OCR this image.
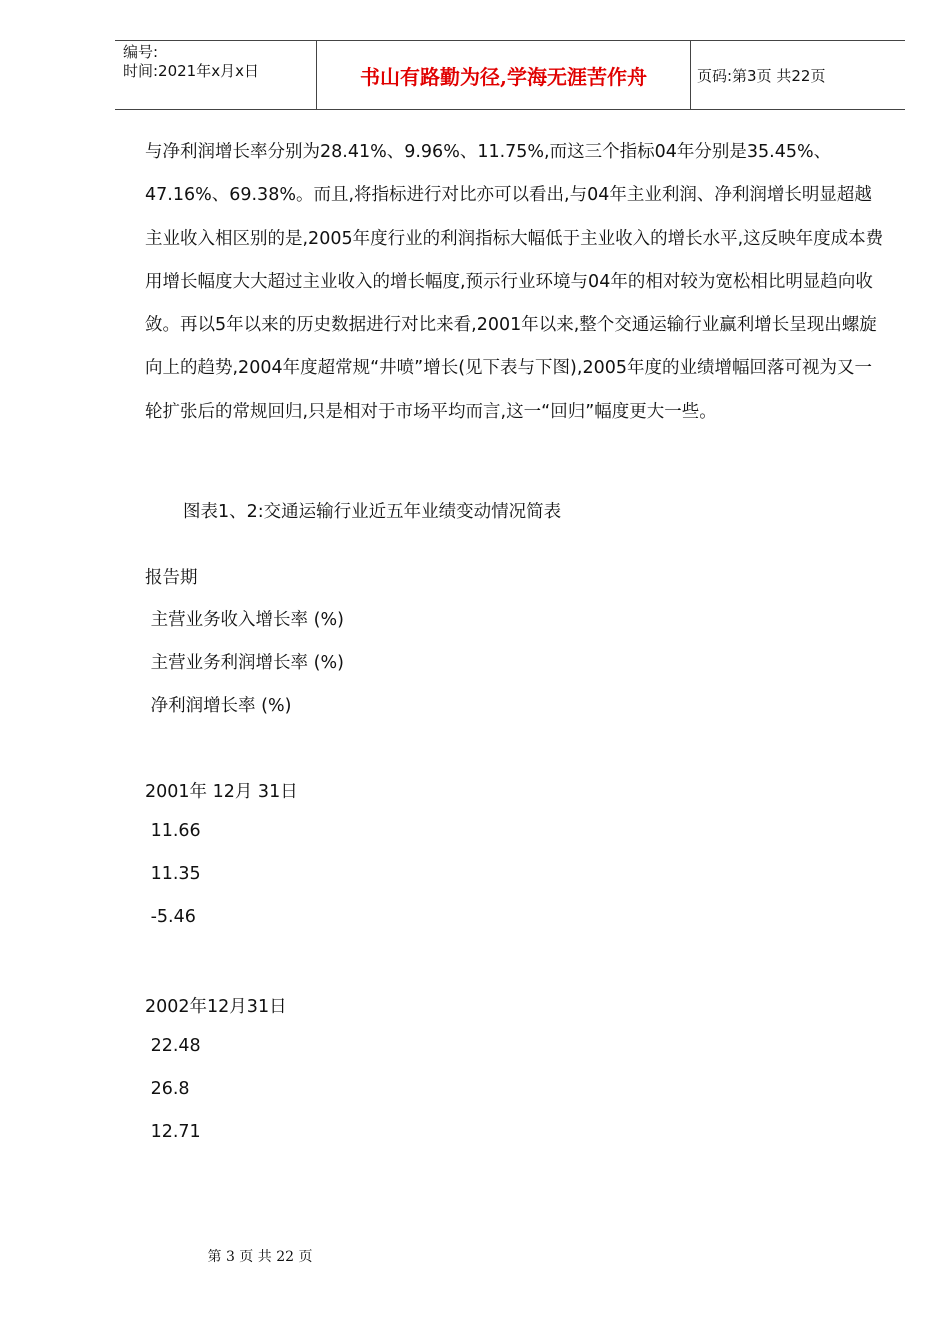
编号:
时间:2021年x月x日	书山有路勤为径,学海无涯苦作舟	页码:第3页 共22页

与净利润增长率分别为28.41%、9.96%、11.75%,而这三个指标04年分别是35.45%、47.16%、69.38%。而且,将指标进行对比亦可以看出,与04年主业利润、净利润增长明显超越主业收入相区别的是,2005年度行业的利润指标大幅低于主业收入的增长水平,这反映年度成本费用增长幅度大大超过主业收入的增长幅度,预示行业环境与04年的相对较为宽松相比明显趋向收敛。再以5年以来的历史数据进行对比来看,2001年以来,整个交通运输行业赢利增长呈现出螺旋向上的趋势,2004年度超常规“井喷”增长(见下表与下图),2005年度的业绩增幅回落可视为又一轮扩张后的常规回归,只是相对于市场平均而言,这一“回归”幅度更大一些。

图表1、2:交通运输行业近五年业绩变动情况简表
报告期
主营业务收入增长率 (%)
主营业务利润增长率 (%)
净利润增长率 (%)
2001年 12月 31日
11.66
11.35
-5.46
2002年12月31日
22.48
26.8
12.71
第 3 页 共 22 页
